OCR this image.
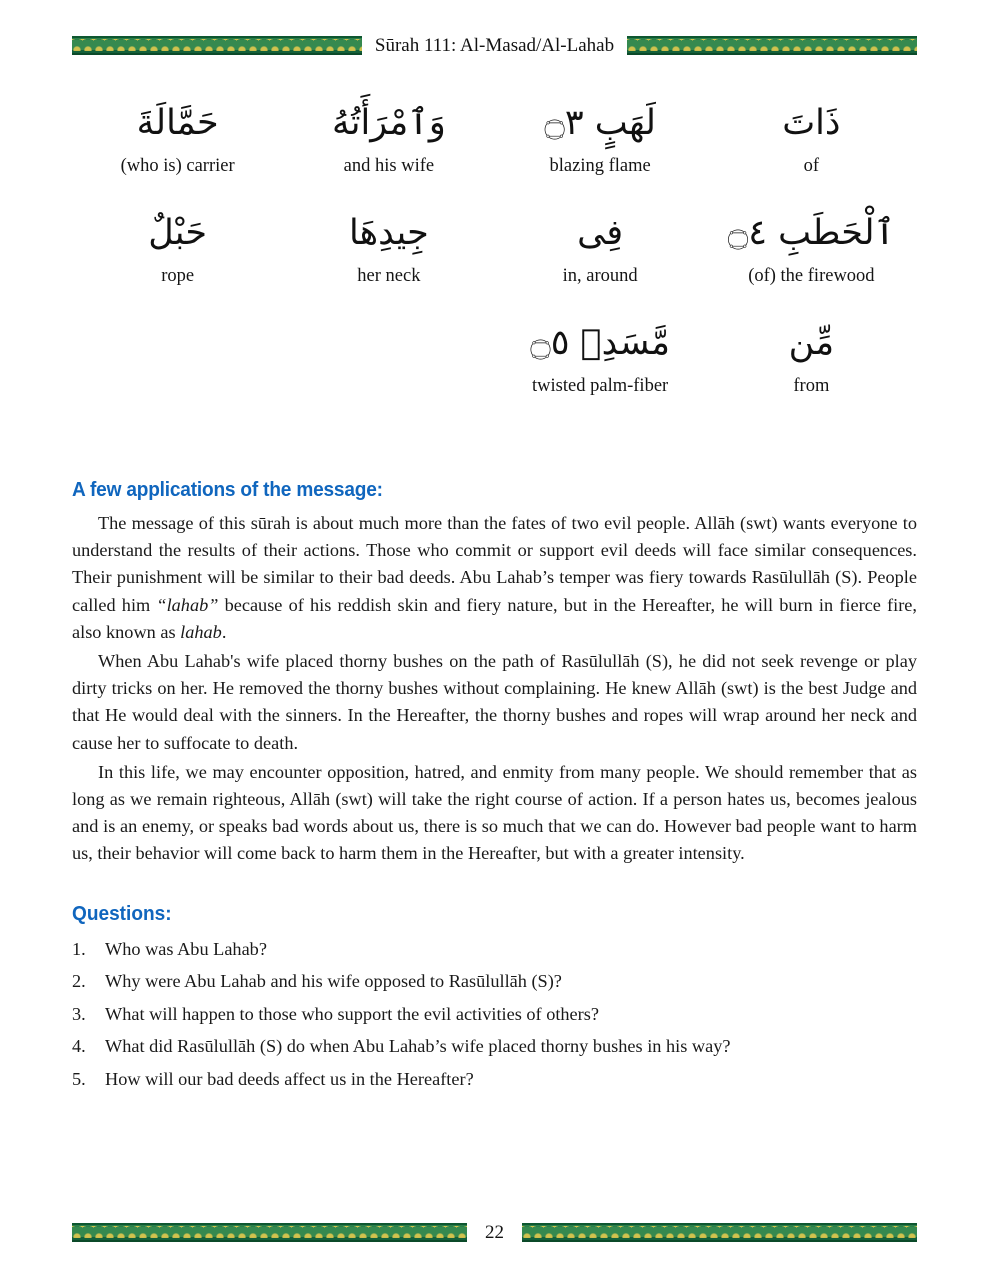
Sūrah 111: Al-Masad/Al-Lahab
ذَاتَ
of
لَهَبٍ ۝٣
blazing flame
وَٱمْرَأَتُهُ
and his wife
حَمَّالَةَ
(who is) carrier
ٱلْحَطَبِ ۝٤
(of) the firewood
فِى
in, around
جِيدِهَا
her neck
حَبْلٌ
rope
مِّن
from
مَّسَدِۭ ۝٥
twisted palm-fiber
A few applications of the message:

The message of this sūrah is about much more than the fates of two evil people. Allāh (swt) wants everyone to understand the results of their actions. Those who commit or support evil deeds will face similar consequences. Their punishment will be similar to their bad deeds. Abu Lahab’s temper was fiery towards Rasūlullāh (S). People called him “lahab” because of his reddish skin and fiery nature, but in the Hereafter, he will burn in fierce fire, also known as lahab.

When Abu Lahab's wife placed thorny bushes on the path of Rasūlullāh (S), he did not seek revenge or play dirty tricks on her. He removed the thorny bushes without complaining. He knew Allāh (swt) is the best Judge and that He would deal with the sinners. In the Hereafter, the thorny bushes and ropes will wrap around her neck and cause her to suffocate to death.

In this life, we may encounter opposition, hatred, and enmity from many people. We should remember that as long as we remain righteous, Allāh (swt) will take the right course of action. If a person hates us, becomes jealous and is an enemy, or speaks bad words about us, there is so much that we can do. However bad people want to harm us, their behavior will come back to harm them in the Hereafter, but with a greater intensity.

Questions:
1. Who was Abu Lahab?
2. Why were Abu Lahab and his wife opposed to Rasūlullāh (S)?
3. What will happen to those who support the evil activities of others?
4. What did Rasūlullāh (S) do when Abu Lahab’s wife placed thorny bushes in his way?
5. How will our bad deeds affect us in the Hereafter?
22
